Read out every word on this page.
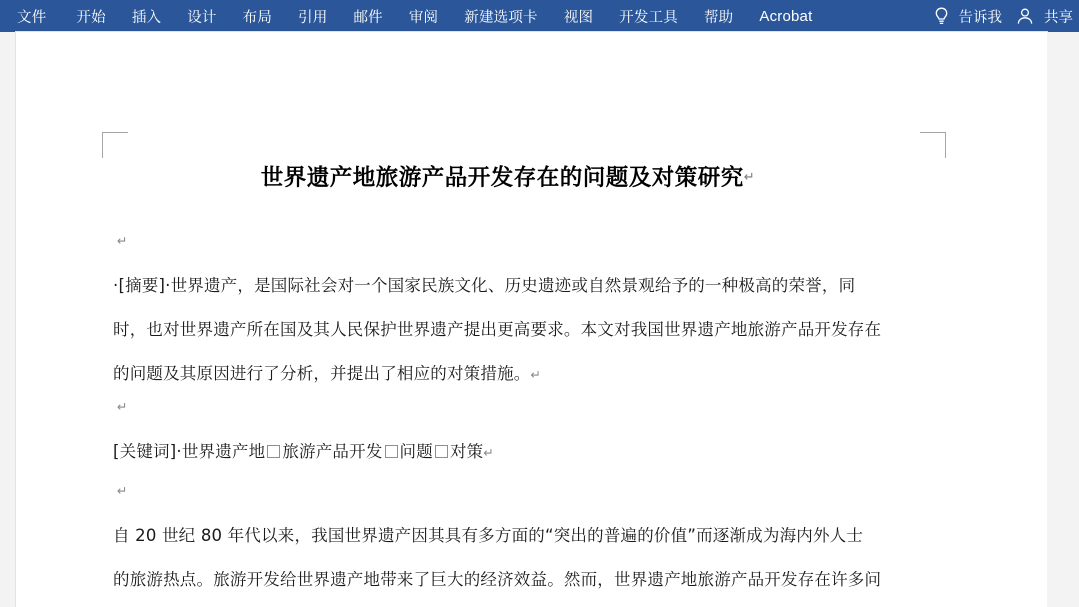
文件	开始	插入	设计	布局	引用	邮件	审阅	新建选项卡	视图	开发工具	帮助	Acrobat	告诉我	共享
世界遗产地旅游产品开发存在的问题及对策研究↵
↵
·[摘要]·世界遗产，是国际社会对一个国家民族文化、历史遗迹或自然景观给予的一种极高的荣誉，同
时，也对世界遗产所在国及其人民保护世界遗产提出更高要求。本文对我国世界遗产地旅游产品开发存在
的问题及其原因进行了分析，并提出了相应的对策措施。↵
↵
[关键词]·世界遗产地 旅游产品开发 问题 对策↵
↵
自 20 世纪 80 年代以来，我国世界遗产因其具有多方面的“突出的普遍的价值”而逐渐成为海内外人士
的旅游热点。旅游开发给世界遗产地带来了巨大的经济效益。然而，世界遗产地旅游产品开发存在许多问
